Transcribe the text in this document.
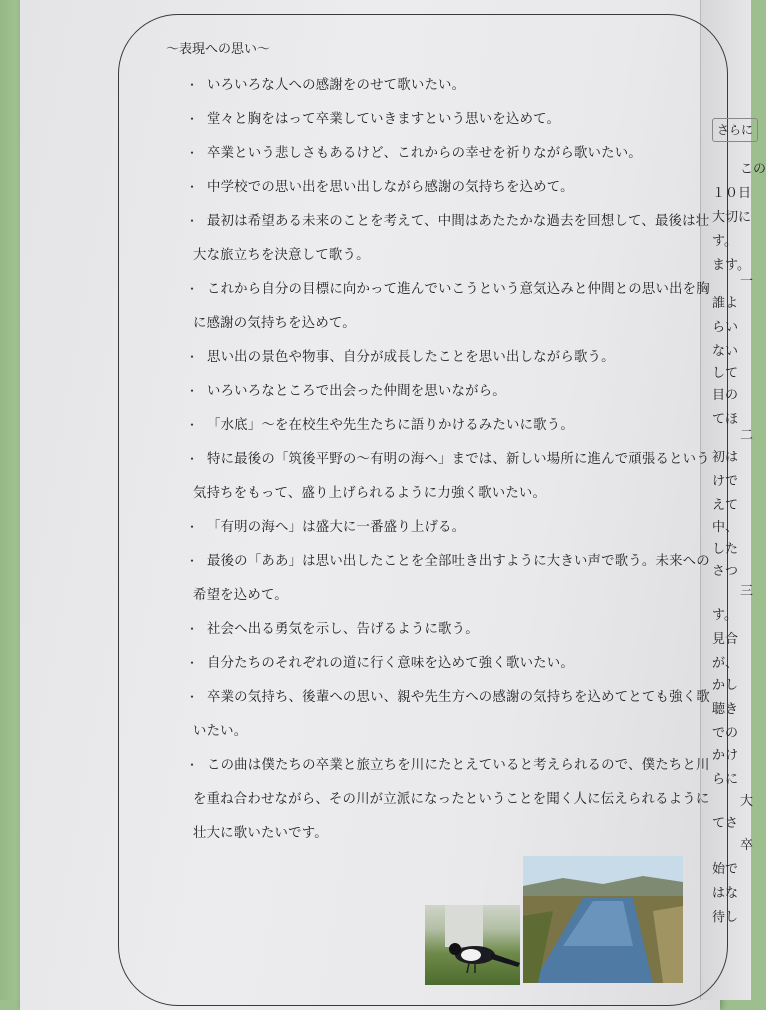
〜表現への思い〜
・ いろいろな人への感謝をのせて歌いたい。
・ 堂々と胸をはって卒業していきますという思いを込めて。
・ 卒業という悲しさもあるけど、これからの幸せを祈りながら歌いたい。
・ 中学校での思い出を思い出しながら感謝の気持ちを込めて。
・ 最初は希望ある未来のことを考えて、中間はあたたかな過去を回想して、最後は壮
大な旅立ちを決意して歌う。
・ これから自分の目標に向かって進んでいこうという意気込みと仲間との思い出を胸
に感謝の気持ちを込めて。
・ 思い出の景色や物事、自分が成長したことを思い出しながら歌う。
・ いろいろなところで出会った仲間を思いながら。
・ 「水底」〜を在校生や先生たちに語りかけるみたいに歌う。
・ 特に最後の「筑後平野の〜有明の海へ」までは、新しい場所に進んで頑張るという
気持ちをもって、盛り上げられるように力強く歌いたい。
・ 「有明の海へ」は盛大に一番盛り上げる。
・ 最後の「ああ」は思い出したことを全部吐き出すように大きい声で歌う。未来への
希望を込めて。
・ 社会へ出る勇気を示し、告げるように歌う。
・ 自分たちのそれぞれの道に行く意味を込めて強く歌いたい。
・ 卒業の気持ち、後輩への思い、親や先生方への感謝の気持ちを込めてとても強く歌
いたい。
・ この曲は僕たちの卒業と旅立ちを川にたとえていると考えられるので、僕たちと川
を重ね合わせながら、その川が立派になったということを聞く人に伝えられるように
壮大に歌いたいです。
さらに
この
１０日
大切に
す。
ます。
一
誰よ
らい
ない
して
目の
てほ
二
初は
けで
えて
中、
した
さつ
三
す。
見合
が、
かし
聴き
での
かけ
らに
大
てさ
卒
始で
はな
待し
